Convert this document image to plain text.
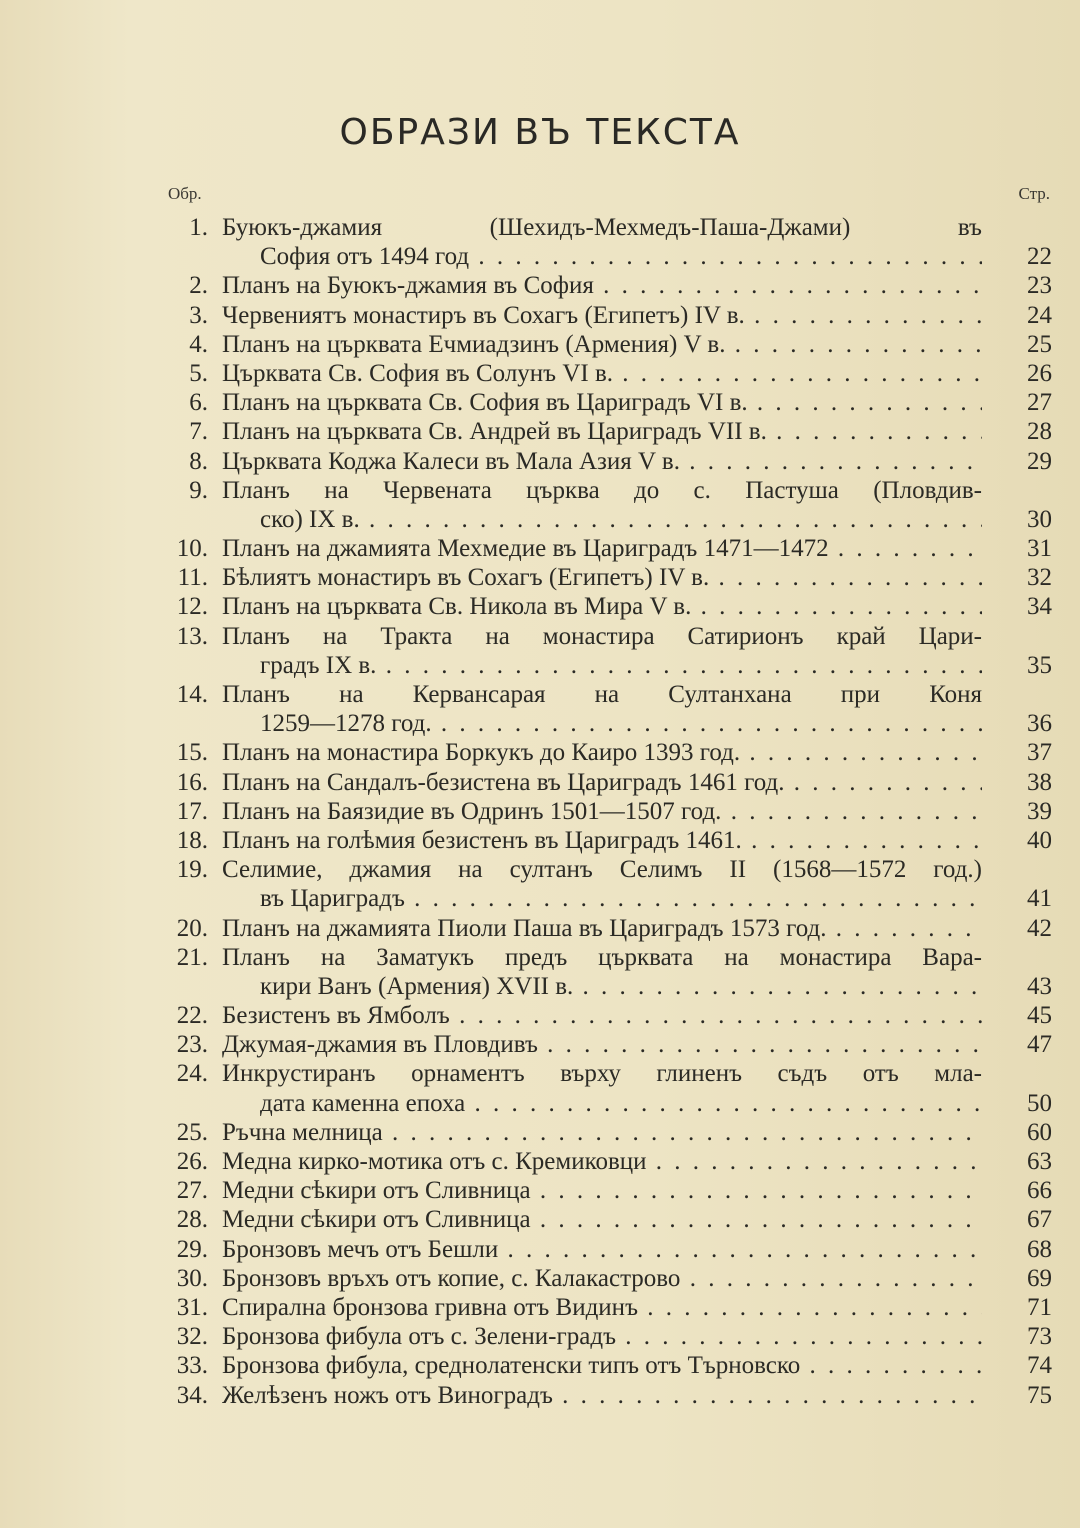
ОБРАЗИ ВЪ ТЕКСТА
Обр.	Стр.
1. Буюкъ-джамия (Шехидъ-Мехмедъ-Паша-Джами) въ
София отъ 1494 год . . .	22
2. Планъ на Буюкъ-джамия въ София . . .	23
3. Червениятъ монастиръ въ Сохагъ (Египетъ) IV в. . . .	24
4. Планъ на църквата Ечмиадзинъ (Армения) V в. . . .	25
5. Църквата Св. София въ Солунъ VI в. . . .	26
6. Планъ на църквата Св. София въ Цариградъ VI в. . . .	27
7. Планъ на църквата Св. Андрей въ Цариградъ VII в. . . .	28
8. Църквата Коджа Калеси въ Мала Азия V в. . . .	29
9. Планъ на Червената църква до с. Пастуша (Пловдив-
ско) IX в. . . .	30
10. Планъ на джамията Мехмедие въ Цариградъ 1471—1472 . . .	31
11. Бѣлиятъ монастиръ въ Сохагъ (Египетъ) IV в. . . .	32
12. Планъ на църквата Св. Никола въ Мира V в. . . .	34
13. Планъ на Тракта на монастира Сатирионъ край Цари-
градъ IX в. . . .	35
14. Планъ на Кервансарая на Султанхана при Коня
1259—1278 год. . . .	36
15. Планъ на монастира Боркукъ до Каиро 1393 год. . . .	37
16. Планъ на Сандалъ-безистена въ Цариградъ 1461 год. . . .	38
17. Планъ на Баязидие въ Одринъ 1501—1507 год. . . .	39
18. Планъ на голѣмия безистенъ въ Цариградъ 1461. . . .	40
19. Селимие, джамия на султанъ Селимъ II (1568—1572 год.)
въ Цариградъ . . .	41
20. Планъ на джамията Пиоли Паша въ Цариградъ 1573 год. . . .	42
21. Планъ на Заматукъ предъ църквата на монастира Вара-
кири Ванъ (Армения) XVII в. . . .	43
22. Безистенъ въ Ямболъ . . .	45
23. Джумая-джамия въ Пловдивъ . . .	47
24. Инкрустиранъ орнаментъ върху глиненъ съдъ отъ мла-
дата каменна епоха . . .	50
25. Ръчна мелница . . .	60
26. Медна кирко-мотика отъ с. Кремиковци . . .	63
27. Медни сѣкири отъ Сливница . . .	66
28. Медни сѣкири отъ Сливница . . .	67
29. Бронзовъ мечъ отъ Бешли . . .	68
30. Бронзовъ връхъ отъ копие, с. Калакастрово . . .	69
31. Спирална бронзова гривна отъ Видинъ . . .	71
32. Бронзова фибула отъ с. Зелени-градъ . . .	73
33. Бронзова фибула, среднолатенски типъ отъ Търновско . . .	74
34. Желѣзенъ ножъ отъ Виноградъ . . .	75
